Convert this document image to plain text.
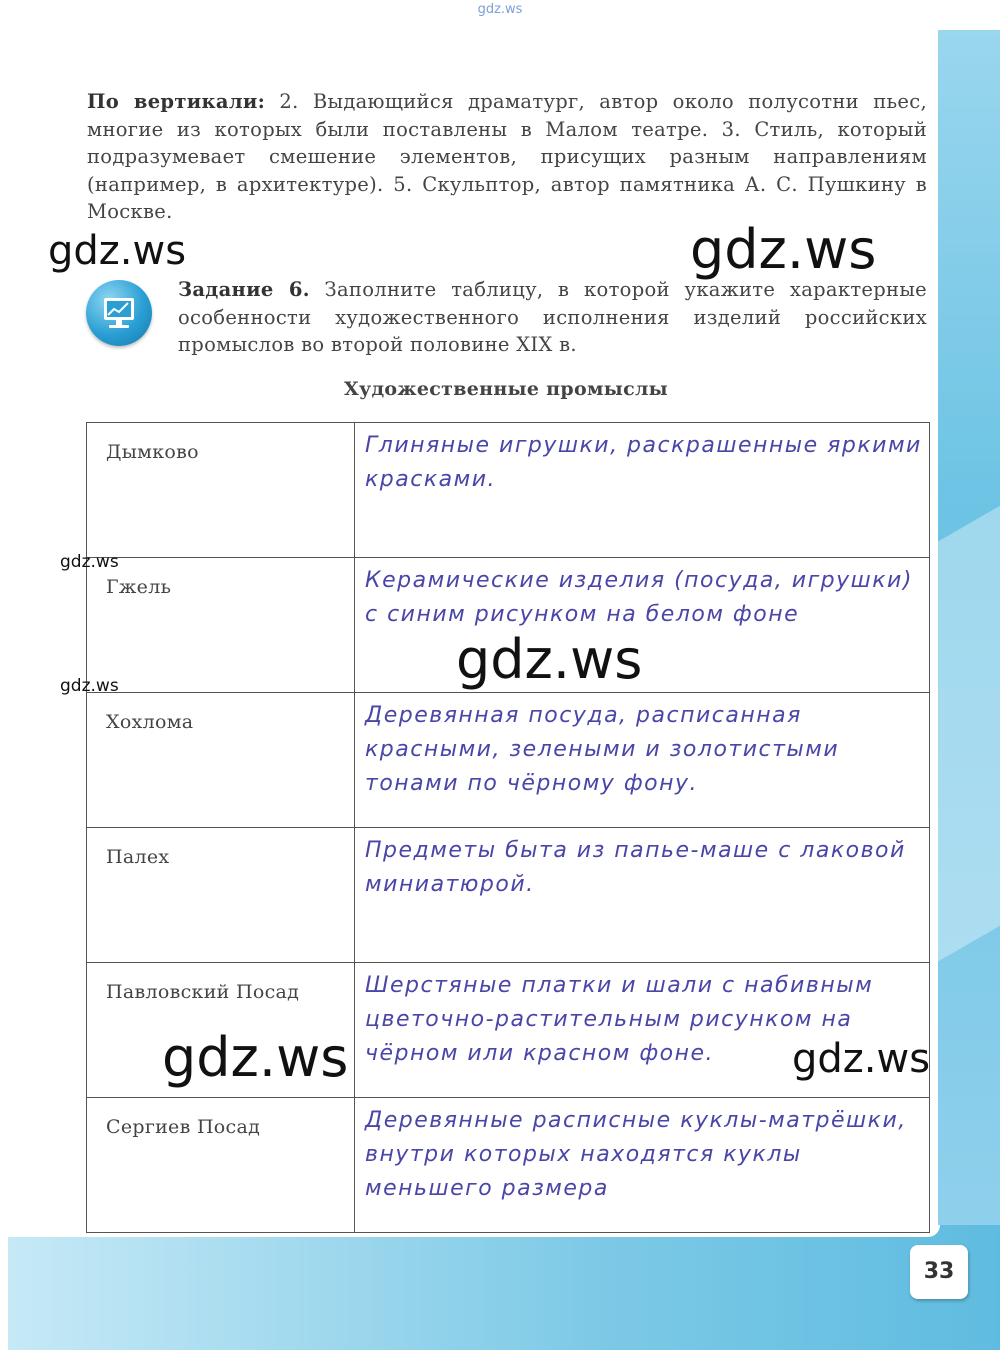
gdz.ws
По вертикали: 2. Выдающийся драматург, автор около полусотни пьес, многие из которых были поставлены в Малом театре. 3. Стиль, который подразумевает смешение элементов, присущих разным направлениям (например, в архитектуре). 5. Скульптор, автор памятника А. С. Пушкину в Москве.
Задание 6. Заполните таблицу, в которой укажите характерные особенности художественного исполнения изделий российских промыслов во второй половине XIX в.
Художественные промыслы
Дымково	Глиняные игрушки, раскрашенные яркими красками.
Гжель	Керамические изделия (посуда, игрушки) с синим рисунком на белом фоне
Хохлома	Деревянная посуда, расписанная красными, зелеными и золотистыми тонами по чёрному фону.
Палех	Предметы быта из папье-маше с лаковой миниатюрой.
Павловский Посад	Шерстяные платки и шали с набивным цветочно-растительным рисунком на чёрном или красном фоне.
Сергиев Посад	Деревянные расписные куклы-матрёшки, внутри которых находятся куклы меньшего размера
33
gdz.ws	gdz.ws
gdz.ws
gdz.ws
gdz.ws
gdz.ws	gdz.ws
